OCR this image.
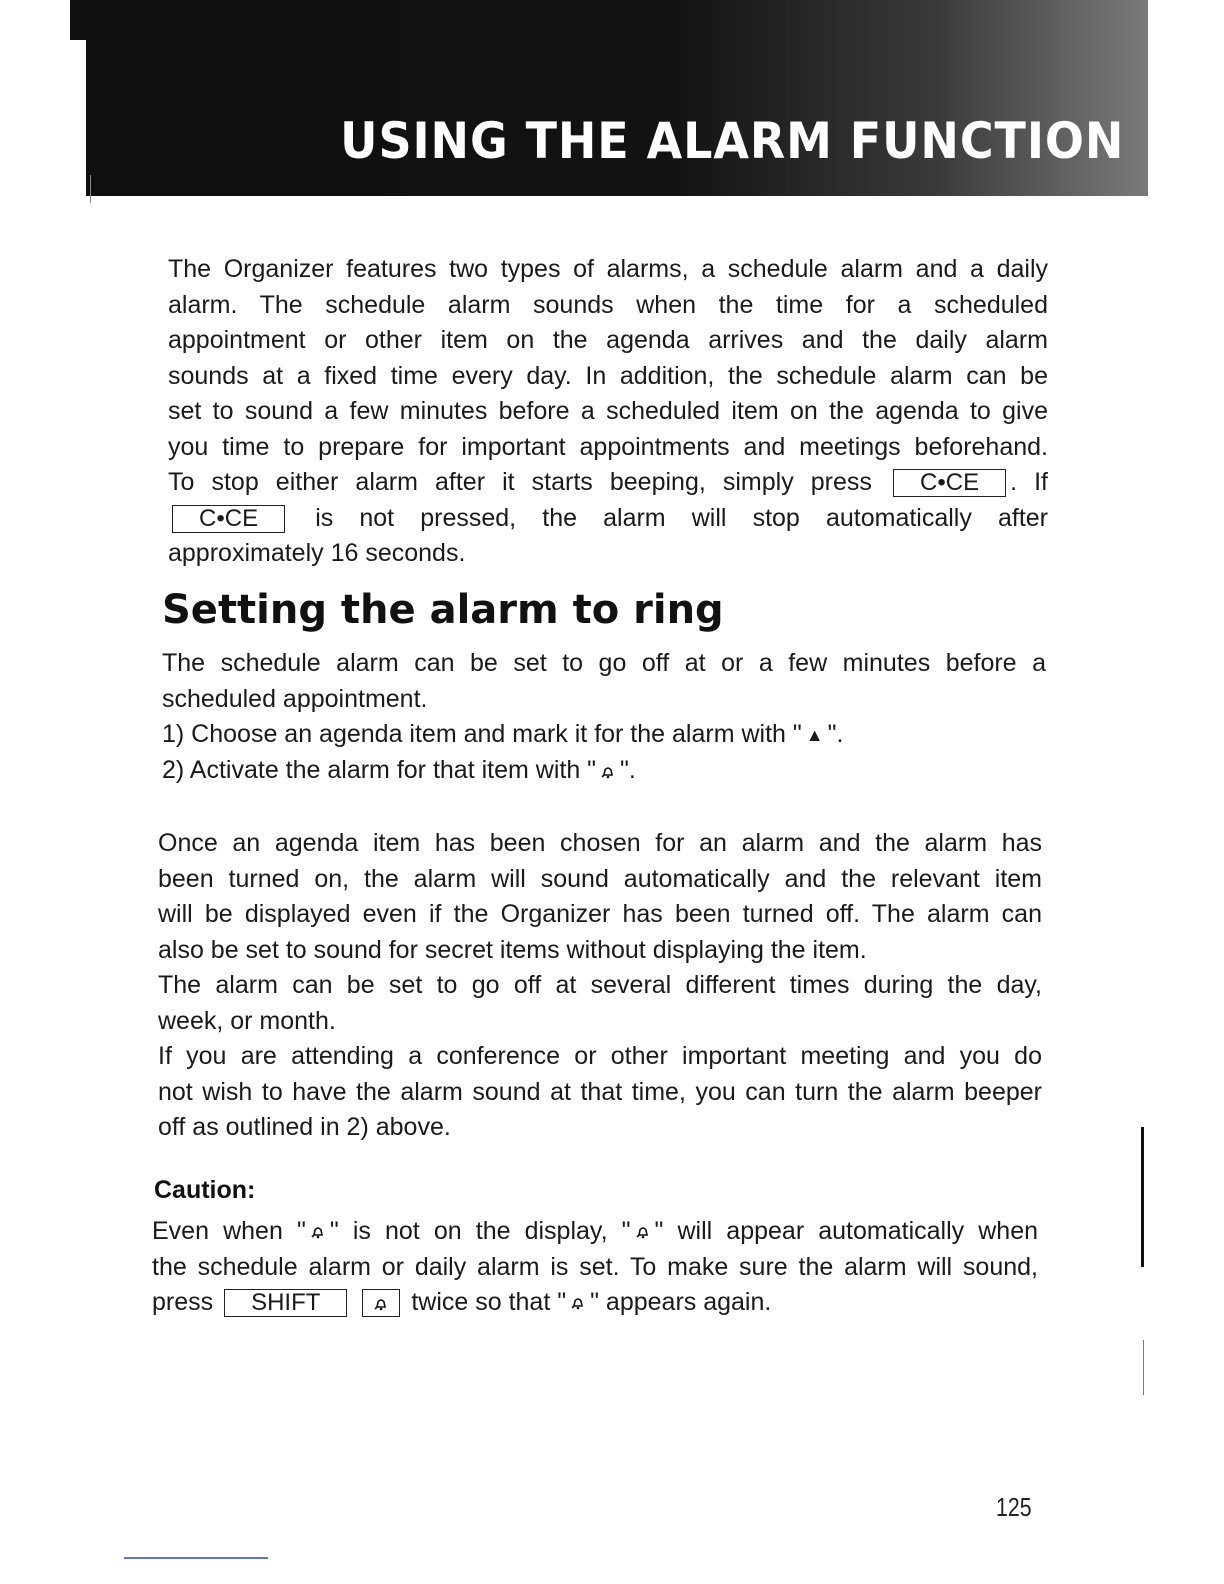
USING THE ALARM FUNCTION
The Organizer features two types of alarms, a schedule alarm and a daily
alarm. The schedule alarm sounds when the time for a scheduled
appointment or other item on the agenda arrives and the daily alarm
sounds at a fixed time every day. In addition, the schedule alarm can be
set to sound a few minutes before a scheduled item on the agenda to give
you time to prepare for important appointments and meetings beforehand.
To stop either alarm after it starts beeping, simply press C•CE . If
C•CE is not pressed, the alarm will stop automatically after
approximately 16 seconds.
Setting the alarm to ring
The schedule alarm can be set to go off at or a few minutes before a
scheduled appointment.
1) Choose an agenda item and mark it for the alarm with " ▲ ".
2) Activate the alarm for that item with " ".
Once an agenda item has been chosen for an alarm and the alarm has
been turned on, the alarm will sound automatically and the relevant item
will be displayed even if the Organizer has been turned off. The alarm can
also be set to sound for secret items without displaying the item.
The alarm can be set to go off at several different times during the day,
week, or month.
If you are attending a conference or other important meeting and you do
not wish to have the alarm sound at that time, you can turn the alarm beeper
off as outlined in 2) above.
Caution:
Even when " " is not on the display, " " will appear automatically when
the schedule alarm or daily alarm is set. To make sure the alarm will sound,
press SHIFT	twice so that " " appears again.
125
